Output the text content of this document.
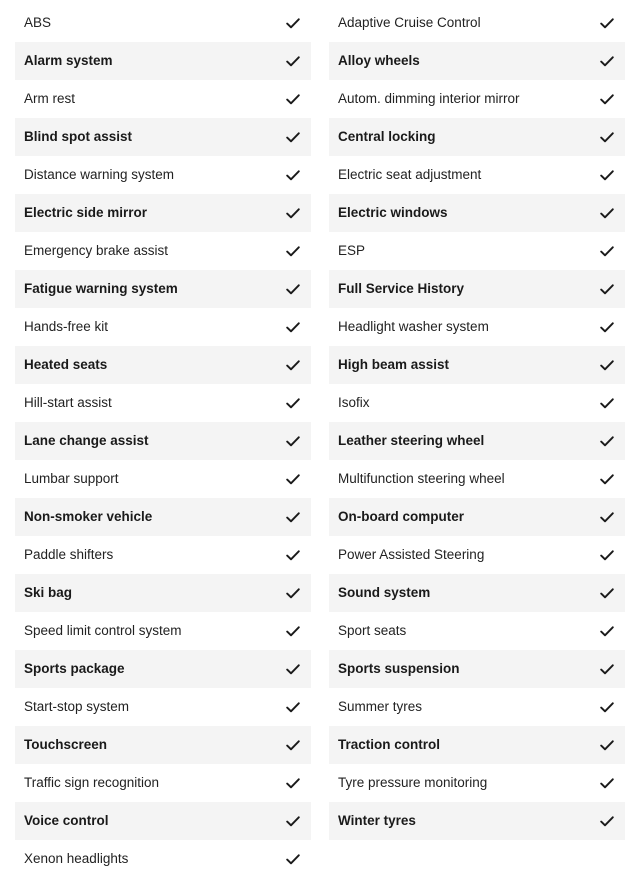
ABS
Alarm system
Arm rest
Blind spot assist
Distance warning system
Electric side mirror
Emergency brake assist
Fatigue warning system
Hands-free kit
Heated seats
Hill-start assist
Lane change assist
Lumbar support
Non-smoker vehicle
Paddle shifters
Ski bag
Speed limit control system
Sports package
Start-stop system
Touchscreen
Traffic sign recognition
Voice control
Xenon headlights
Adaptive Cruise Control
Alloy wheels
Autom. dimming interior mirror
Central locking
Electric seat adjustment
Electric windows
ESP
Full Service History
Headlight washer system
High beam assist
Isofix
Leather steering wheel
Multifunction steering wheel
On-board computer
Power Assisted Steering
Sound system
Sport seats
Sports suspension
Summer tyres
Traction control
Tyre pressure monitoring
Winter tyres
